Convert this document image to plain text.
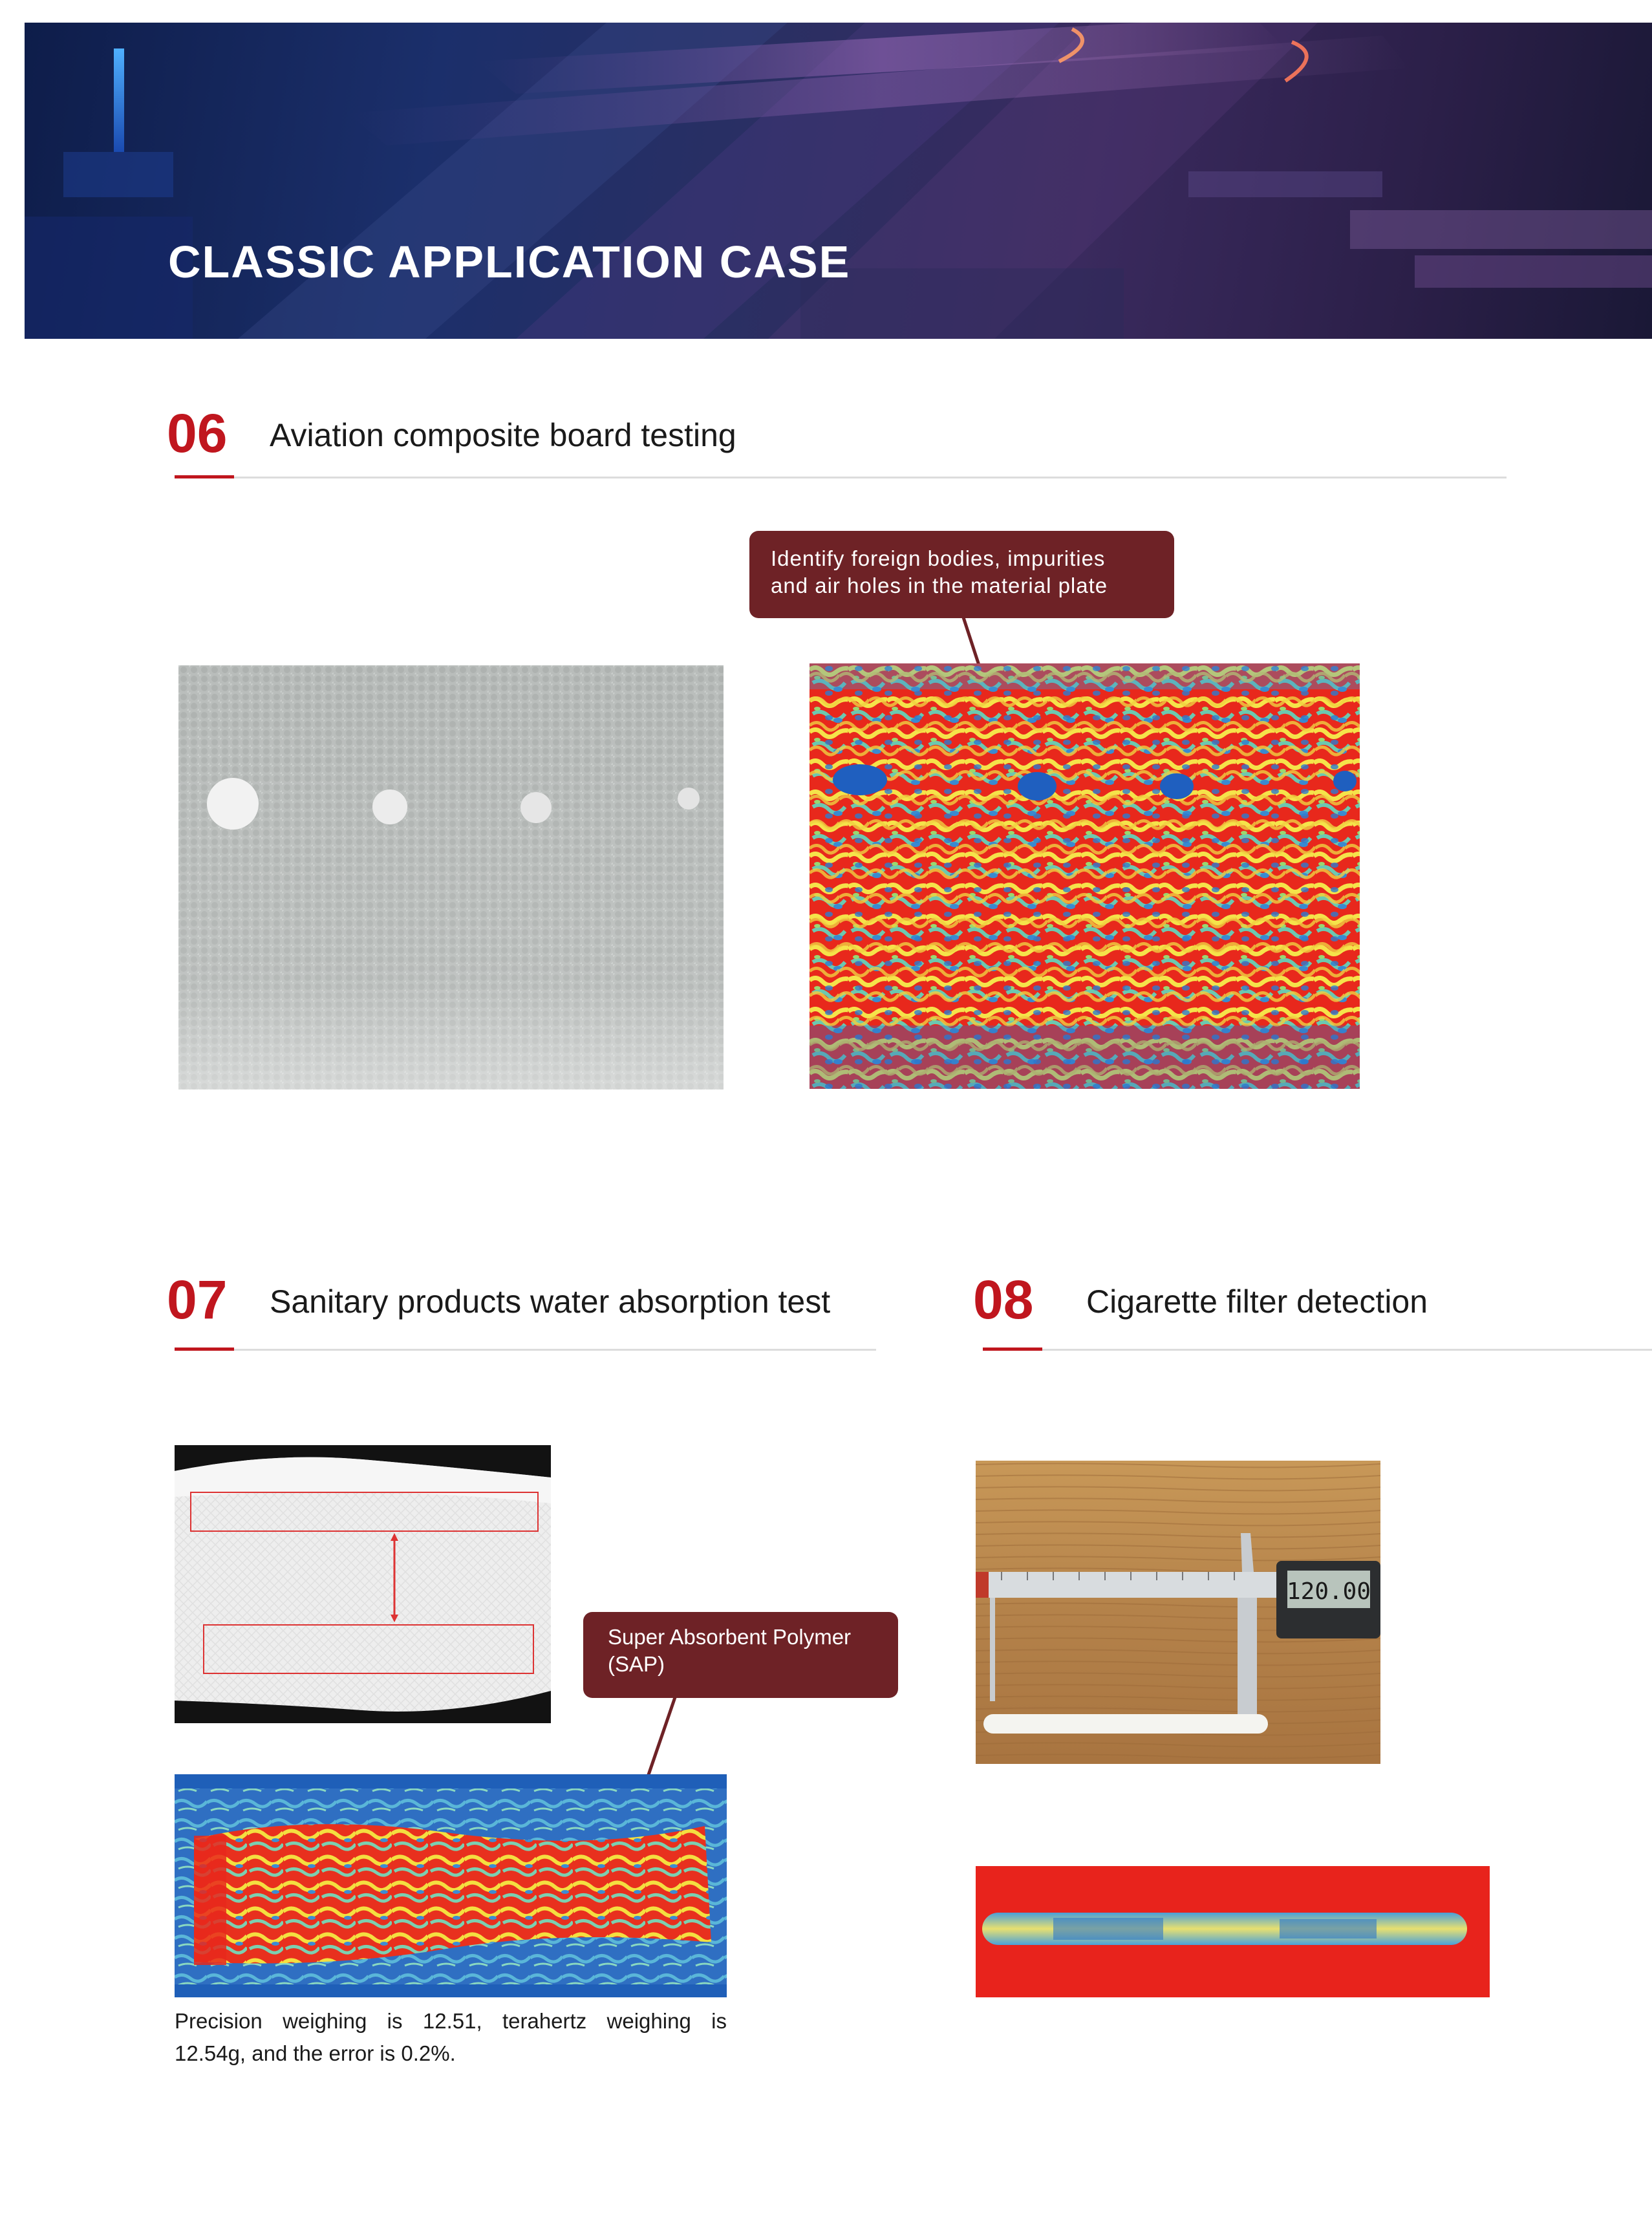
CLASSIC APPLICATION CASE
06 Aviation composite board testing
Identify foreign bodies, impurities
and air holes in the material plate
07 Sanitary products water absorption test	08 Cigarette filter detection
Super Absorbent Polymer
(SAP)
Precision weighing is 12.51, terahertz weighing is
12.54g, and the error is 0.2%.
120.00
